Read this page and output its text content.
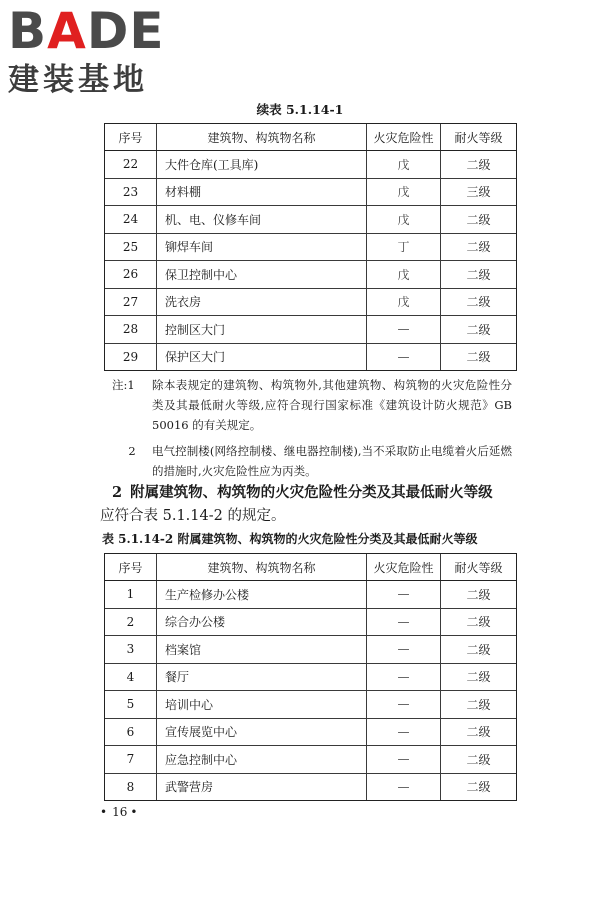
BADE
建装基地
续表 5.1.14-1
序号	建筑物、构筑物名称	火灾危险性	耐火等级
22	大件仓库(工具库)	戊	二级
23	材料棚	戊	三级
24	机、电、仪修车间	戊	二级
25	铆焊车间	丁	二级
26	保卫控制中心	戊	二级
27	洗衣房	戊	二级
28	控制区大门	—	二级
29	保护区大门	—	二级
注:1	除本表规定的建筑物、构筑物外,其他建筑物、构筑物的火灾危险性分类及其最低耐火等级,应符合现行国家标准《建筑设计防火规范》GB 50016 的有关规定。
2	电气控制楼(网络控制楼、继电器控制楼),当不采取防止电缆着火后延燃的措施时,火灾危险性应为丙类。
2 附属建筑物、构筑物的火灾危险性分类及其最低耐火等级
应符合表 5.1.14-2 的规定。
表 5.1.14-2 附属建筑物、构筑物的火灾危险性分类及其最低耐火等级
序号	建筑物、构筑物名称	火灾危险性	耐火等级
1	生产检修办公楼	—	二级
2	综合办公楼	—	二级
3	档案馆	—	二级
4	餐厅	—	二级
5	培训中心	—	二级
6	宣传展览中心	—	二级
7	应急控制中心	—	二级
8	武警营房	—	二级
• 16 •
